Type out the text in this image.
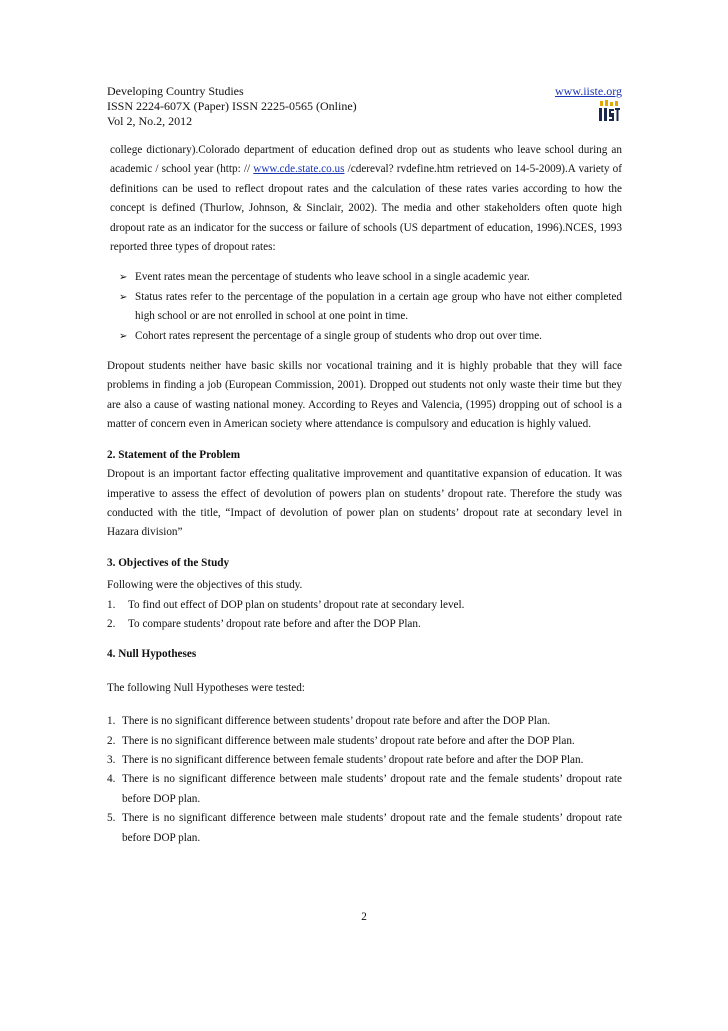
Developing Country Studies	www.iiste.org
ISSN 2224-607X (Paper) ISSN 2225-0565 (Online)
Vol 2, No.2, 2012
college dictionary).Colorado department of education defined drop out as students who leave school during an academic / school year (http: // www.cde.state.co.us /cdereval? rvdefine.htm retrieved on 14-5-2009).A variety of definitions can be used to reflect dropout rates and the calculation of these rates varies according to how the concept is defined (Thurlow, Johnson, & Sinclair, 2002). The media and other stakeholders often quote high dropout rate as an indicator for the success or failure of schools (US department of education, 1996).NCES, 1993 reported three types of dropout rates:
➢ Event rates mean the percentage of students who leave school in a single academic year.
➢ Status rates refer to the percentage of the population in a certain age group who have not either completed high school or are not enrolled in school at one point in time.
➢ Cohort rates represent the percentage of a single group of students who drop out over time.
Dropout students neither have basic skills nor vocational training and it is highly probable that they will face problems in finding a job (European Commission, 2001). Dropped out students not only waste their time but they are also a cause of wasting national money. According to Reyes and Valencia, (1995) dropping out of school is a matter of concern even in American society where attendance is compulsory and education is highly valued.
2. Statement of the Problem
Dropout is an important factor effecting qualitative improvement and quantitative expansion of education. It was imperative to assess the effect of devolution of powers plan on students’ dropout rate. Therefore the study was conducted with the title, “Impact of devolution of power plan on students’ dropout rate at secondary level in Hazara division”
3. Objectives of the Study
Following were the objectives of this study.
1. To find out effect of DOP plan on students’ dropout rate at secondary level.
2. To compare students’ dropout rate before and after the DOP Plan.
4. Null Hypotheses
The following Null Hypotheses were tested:
1. There is no significant difference between students’ dropout rate before and after the DOP Plan.
2. There is no significant difference between male students’ dropout rate before and after the DOP Plan.
3. There is no significant difference between female students’ dropout rate before and after the DOP Plan.
4. There is no significant difference between male students’ dropout rate and the female students’ dropout rate before DOP plan.
5. There is no significant difference between male students’ dropout rate and the female students’ dropout rate before DOP plan.
2
